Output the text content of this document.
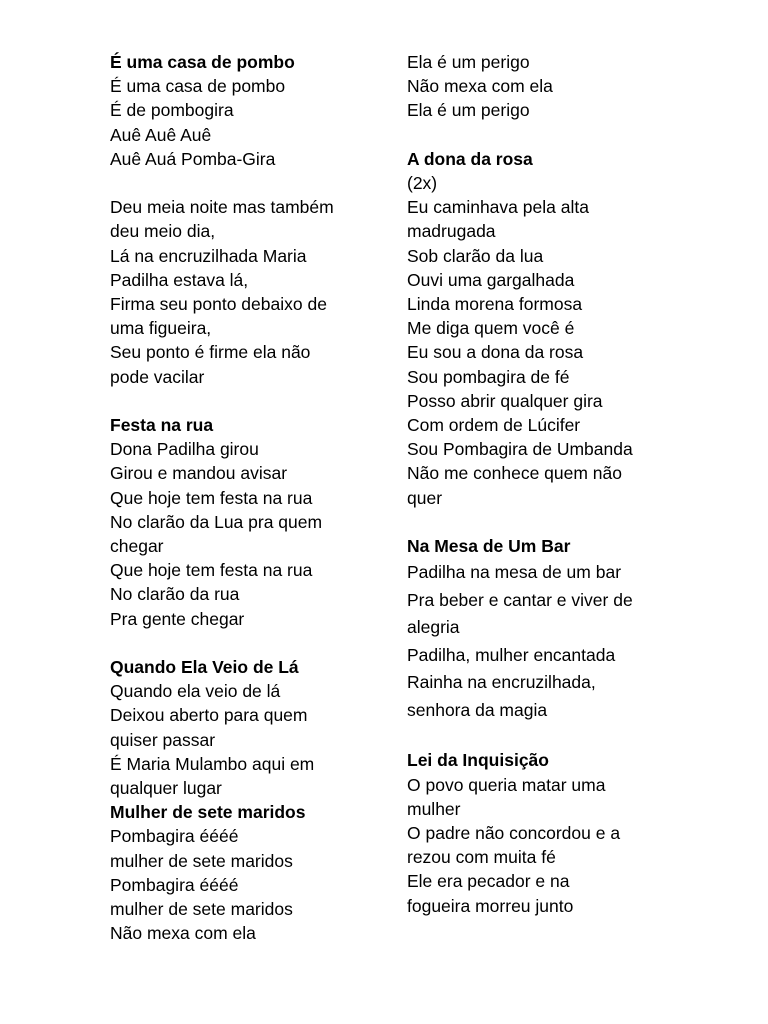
É uma casa de pombo
É uma casa de pombo
É de pombogira
Auê Auê Auê
Auê Auá Pomba-Gira
Deu meia noite mas também
deu meio dia,
Lá na encruzilhada Maria
Padilha estava lá,
Firma seu ponto debaixo de
uma figueira,
Seu ponto é firme ela não
pode vacilar
Festa na rua
Dona Padilha girou
Girou e mandou avisar
Que hoje tem festa na rua
No clarão da Lua pra quem
chegar
Que hoje tem festa na rua
No clarão da rua
Pra gente chegar
Quando Ela Veio de Lá
Quando ela veio de lá
Deixou aberto para quem
quiser passar
É Maria Mulambo aqui em
qualquer lugar
Mulher de sete maridos
Pombagira éééé
mulher de sete maridos
Pombagira éééé
mulher de sete maridos
Não mexa com ela
Ela é um perigo
Não mexa com ela
Ela é um perigo
A dona da rosa
(2x)
Eu caminhava pela alta
madrugada
Sob clarão da lua
Ouvi uma gargalhada
Linda morena formosa
Me diga quem você é
Eu sou a dona da rosa
Sou pombagira de fé
Posso abrir qualquer gira
Com ordem de Lúcifer
Sou Pombagira de Umbanda
Não me conhece quem não
quer
Na Mesa de Um Bar
Padilha na mesa de um bar
Pra beber e cantar e viver de
alegria
Padilha, mulher encantada
Rainha na encruzilhada,
senhora da magia
Lei da Inquisição
O povo queria matar uma
mulher
O padre não concordou e a
rezou com muita fé
Ele era pecador e na
fogueira morreu junto
